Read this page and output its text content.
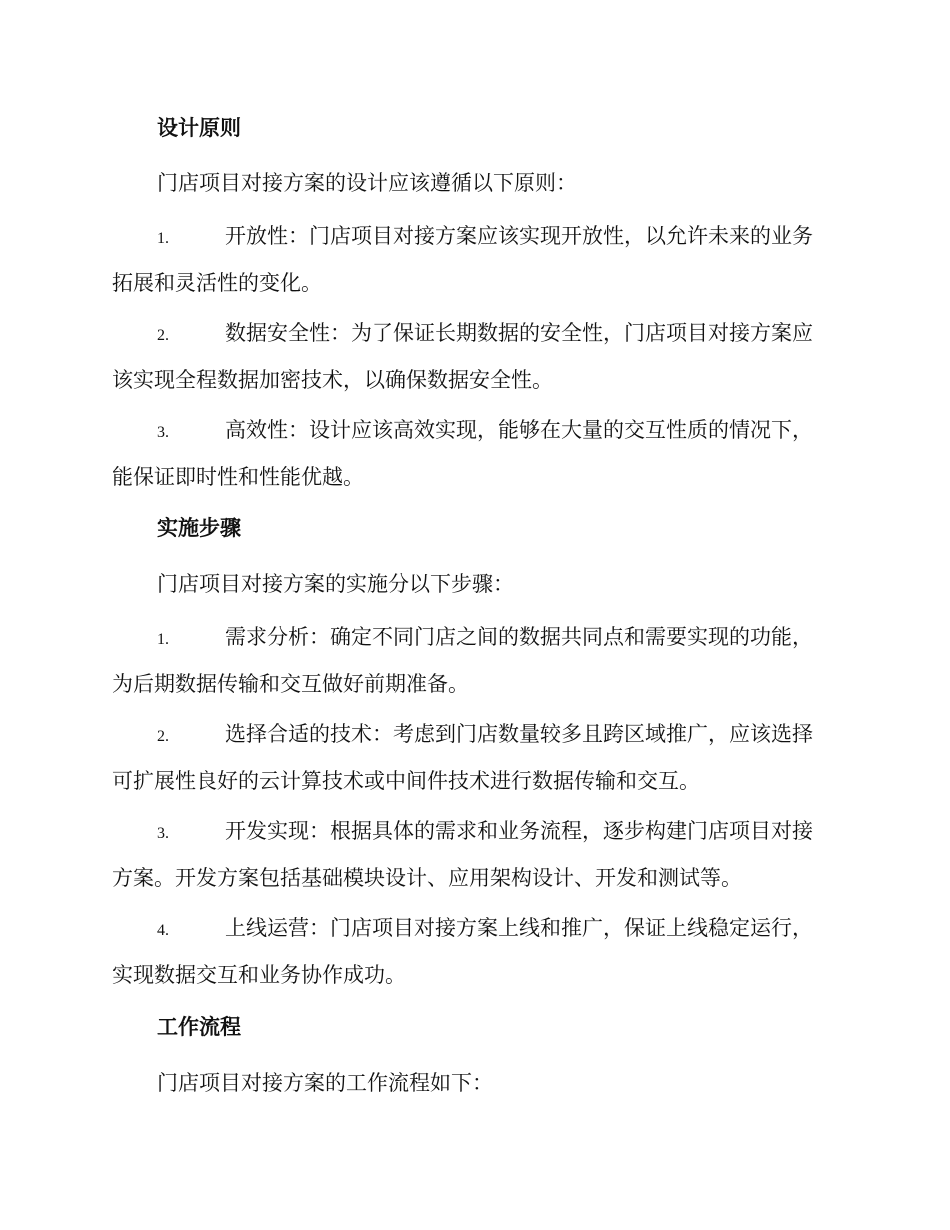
设计原则
门店项目对接方案的设计应该遵循以下原则：
1.	开放性：门店项目对接方案应该实现开放性，以允许未来的业务
拓展和灵活性的变化。
2.	数据安全性：为了保证长期数据的安全性，门店项目对接方案应
该实现全程数据加密技术，以确保数据安全性。
3.	高效性：设计应该高效实现，能够在大量的交互性质的情况下，
能保证即时性和性能优越。
实施步骤
门店项目对接方案的实施分以下步骤：
1.	需求分析：确定不同门店之间的数据共同点和需要实现的功能，
为后期数据传输和交互做好前期准备。
2.	选择合适的技术：考虑到门店数量较多且跨区域推广，应该选择
可扩展性良好的云计算技术或中间件技术进行数据传输和交互。
3.	开发实现：根据具体的需求和业务流程，逐步构建门店项目对接
方案。开发方案包括基础模块设计、应用架构设计、开发和测试等。
4.	上线运营：门店项目对接方案上线和推广，保证上线稳定运行，
实现数据交互和业务协作成功。
工作流程
门店项目对接方案的工作流程如下：
